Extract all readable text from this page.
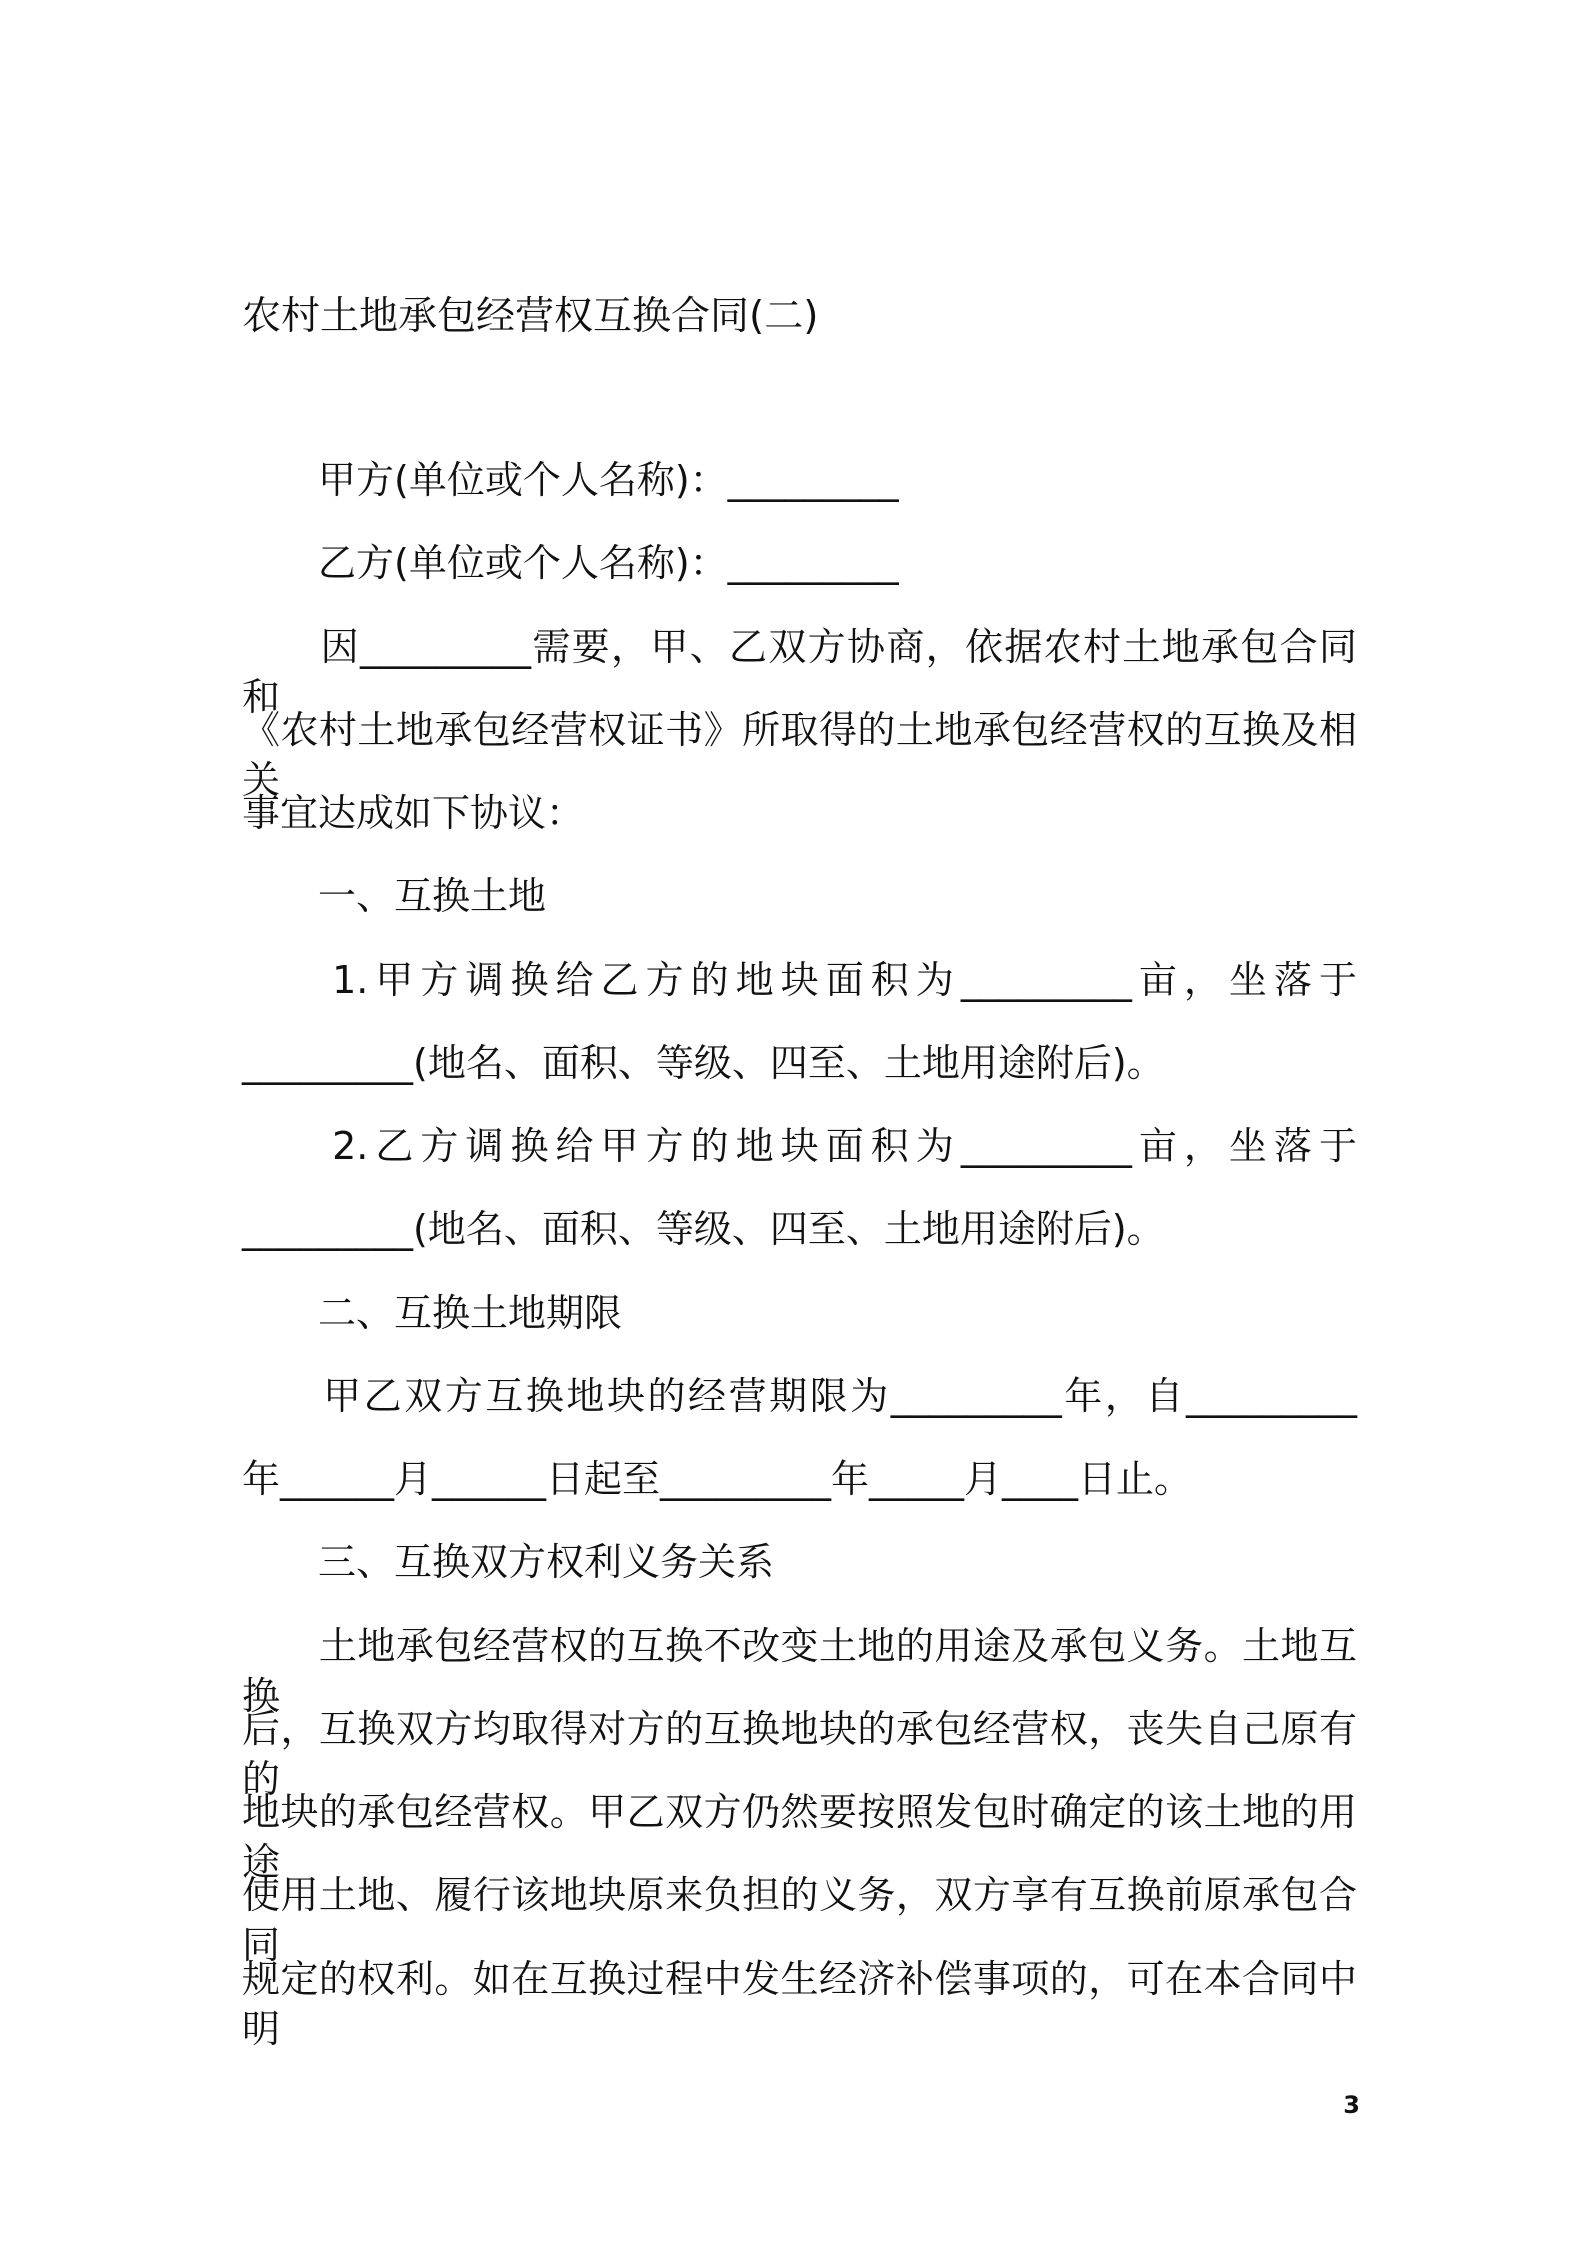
农村土地承包经营权互换合同(二)

　　甲方(单位或个人名称)：_________

　　乙方(单位或个人名称)：_________

　　因_________需要，甲、乙双方协商，依据农村土地承包合同和

《农村土地承包经营权证书》所取得的土地承包经营权的互换及相关

事宜达成如下协议：

　　一、互换土地

　　1.甲方调换给乙方的地块面积为_________亩，坐落于

_________(地名、面积、等级、四至、土地用途附后)。

　　2.乙方调换给甲方的地块面积为_________亩，坐落于

_________(地名、面积、等级、四至、土地用途附后)。

　　二、互换土地期限

　　甲乙双方互换地块的经营期限为_________年，自_________

年______月______日起至_________年_____月____日止。

　　三、互换双方权利义务关系

　　土地承包经营权的互换不改变土地的用途及承包义务。土地互换

后，互换双方均取得对方的互换地块的承包经营权，丧失自己原有的

地块的承包经营权。甲乙双方仍然要按照发包时确定的该土地的用途

使用土地、履行该地块原来负担的义务，双方享有互换前原承包合同

规定的权利。如在互换过程中发生经济补偿事项的，可在本合同中明

3
